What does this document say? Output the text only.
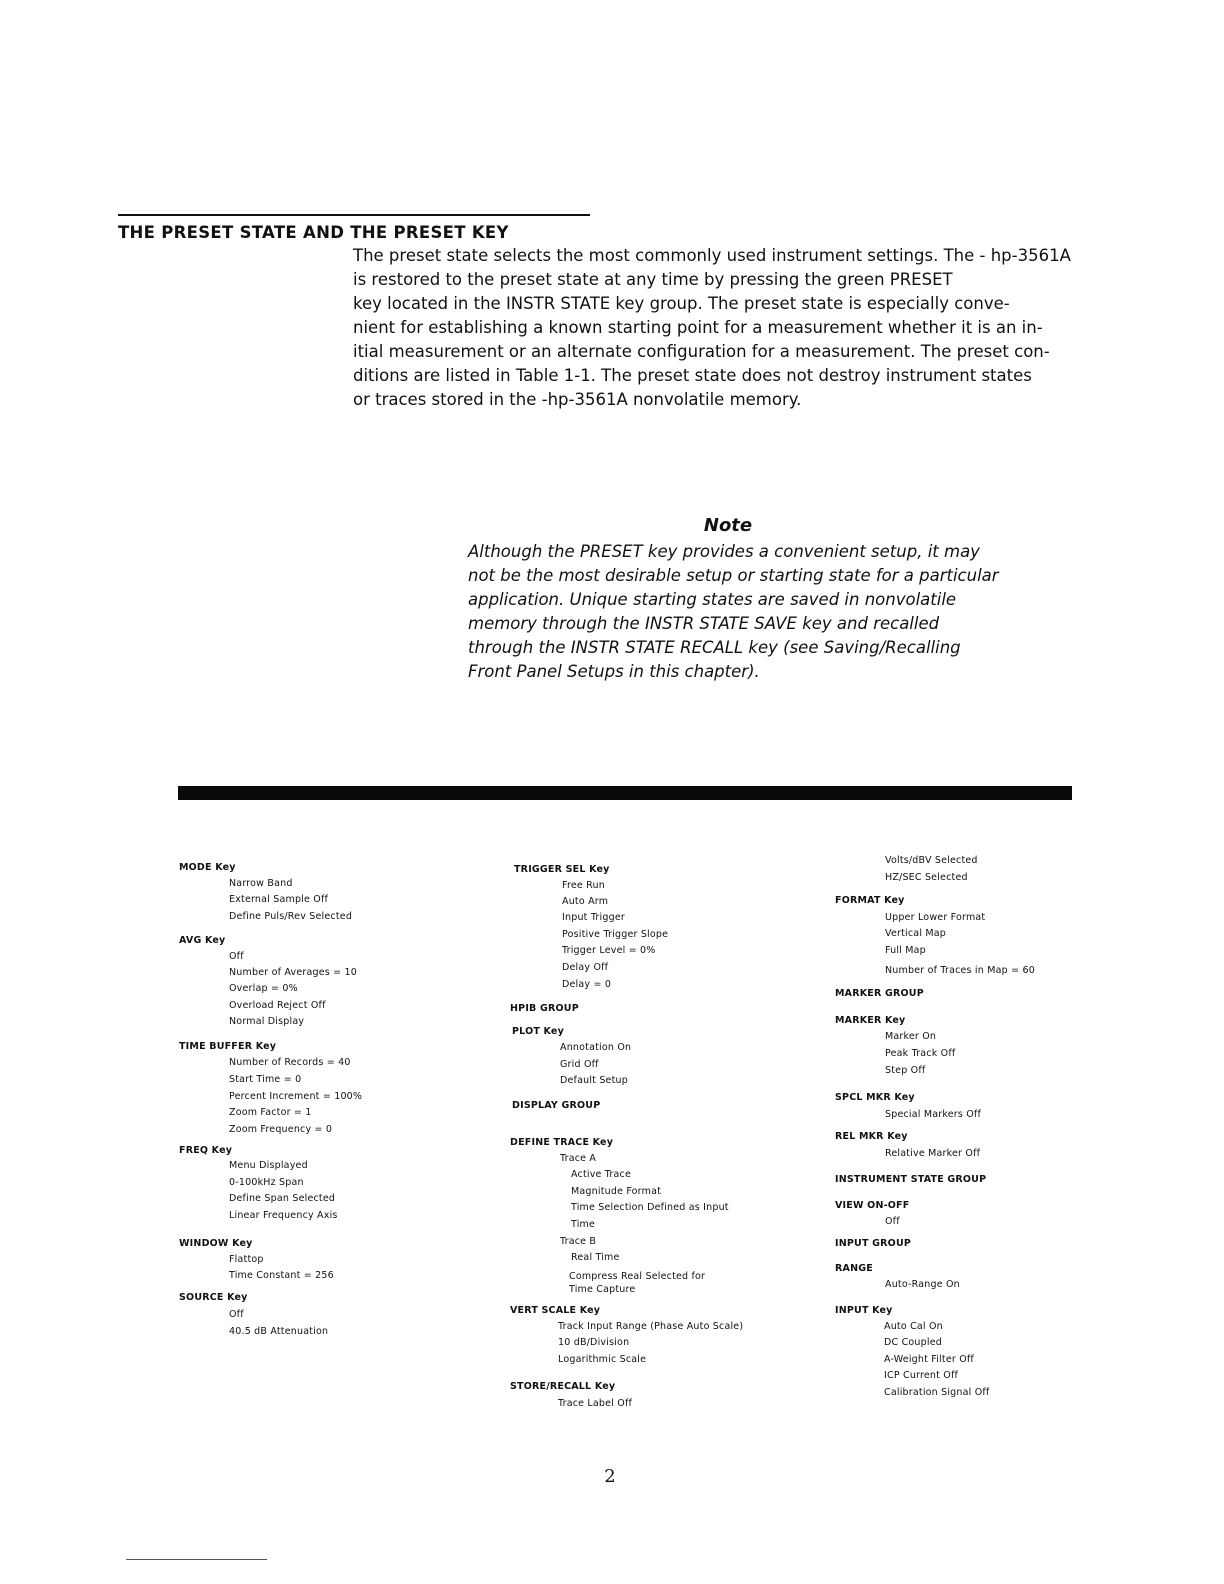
THE PRESET STATE AND THE PRESET KEY
The preset state selects the most commonly used instrument settings. The - hp-3561A
is restored to the preset state at any time by pressing the green PRESET
key located in the INSTR STATE key group. The preset state is especially conve-
nient for establishing a known starting point for a measurement whether it is an in-
itial measurement or an alternate configuration for a measurement. The preset con-
ditions are listed in Table 1-1. The preset state does not destroy instrument states
or traces stored in the -hp-3561A nonvolatile memory.
Note
Although the PRESET key provides a convenient setup, it may
not be the most desirable setup or starting state for a particular
application. Unique starting states are saved in nonvolatile
memory through the INSTR STATE SAVE key and recalled
through the INSTR STATE RECALL key (see Saving/Recalling
Front Panel Setups in this chapter).
MODE Key
Narrow Band
External Sample Off
Define Puls/Rev Selected
AVG Key
Off
Number of Averages = 10
Overlap = 0%
Overload Reject Off
Normal Display
TIME BUFFER Key
Number of Records = 40
Start Time = 0
Percent Increment = 100%
Zoom Factor = 1
Zoom Frequency = 0
FREQ Key
Menu Displayed
0-100kHz Span
Define Span Selected
Linear Frequency Axis
WINDOW Key
Flattop
Time Constant = 256
SOURCE Key
Off
40.5 dB Attenuation
TRIGGER SEL Key
Free Run
Auto Arm
Input Trigger
Positive Trigger Slope
Trigger Level = 0%
Delay Off
Delay = 0
HPIB GROUP
PLOT Key
Annotation On
Grid Off
Default Setup
DISPLAY GROUP
DEFINE TRACE Key
Trace A
Active Trace
Magnitude Format
Time Selection Defined as Input
Time
Trace B
Real Time
Compress Real Selected for
Time Capture
VERT SCALE Key
Track Input Range (Phase Auto Scale)
10 dB/Division
Logarithmic Scale
STORE/RECALL Key
Trace Label Off
Volts/dBV Selected
HZ/SEC Selected
FORMAT Key
Upper Lower Format
Vertical Map
Full Map
Number of Traces in Map = 60
MARKER GROUP
MARKER Key
Marker On
Peak Track Off
Step Off
SPCL MKR Key
Special Markers Off
REL MKR Key
Relative Marker Off
INSTRUMENT STATE GROUP
VIEW ON-OFF
Off
INPUT GROUP
RANGE
Auto-Range On
INPUT Key
Auto Cal On
DC Coupled
A-Weight Filter Off
ICP Current Off
Calibration Signal Off
2
